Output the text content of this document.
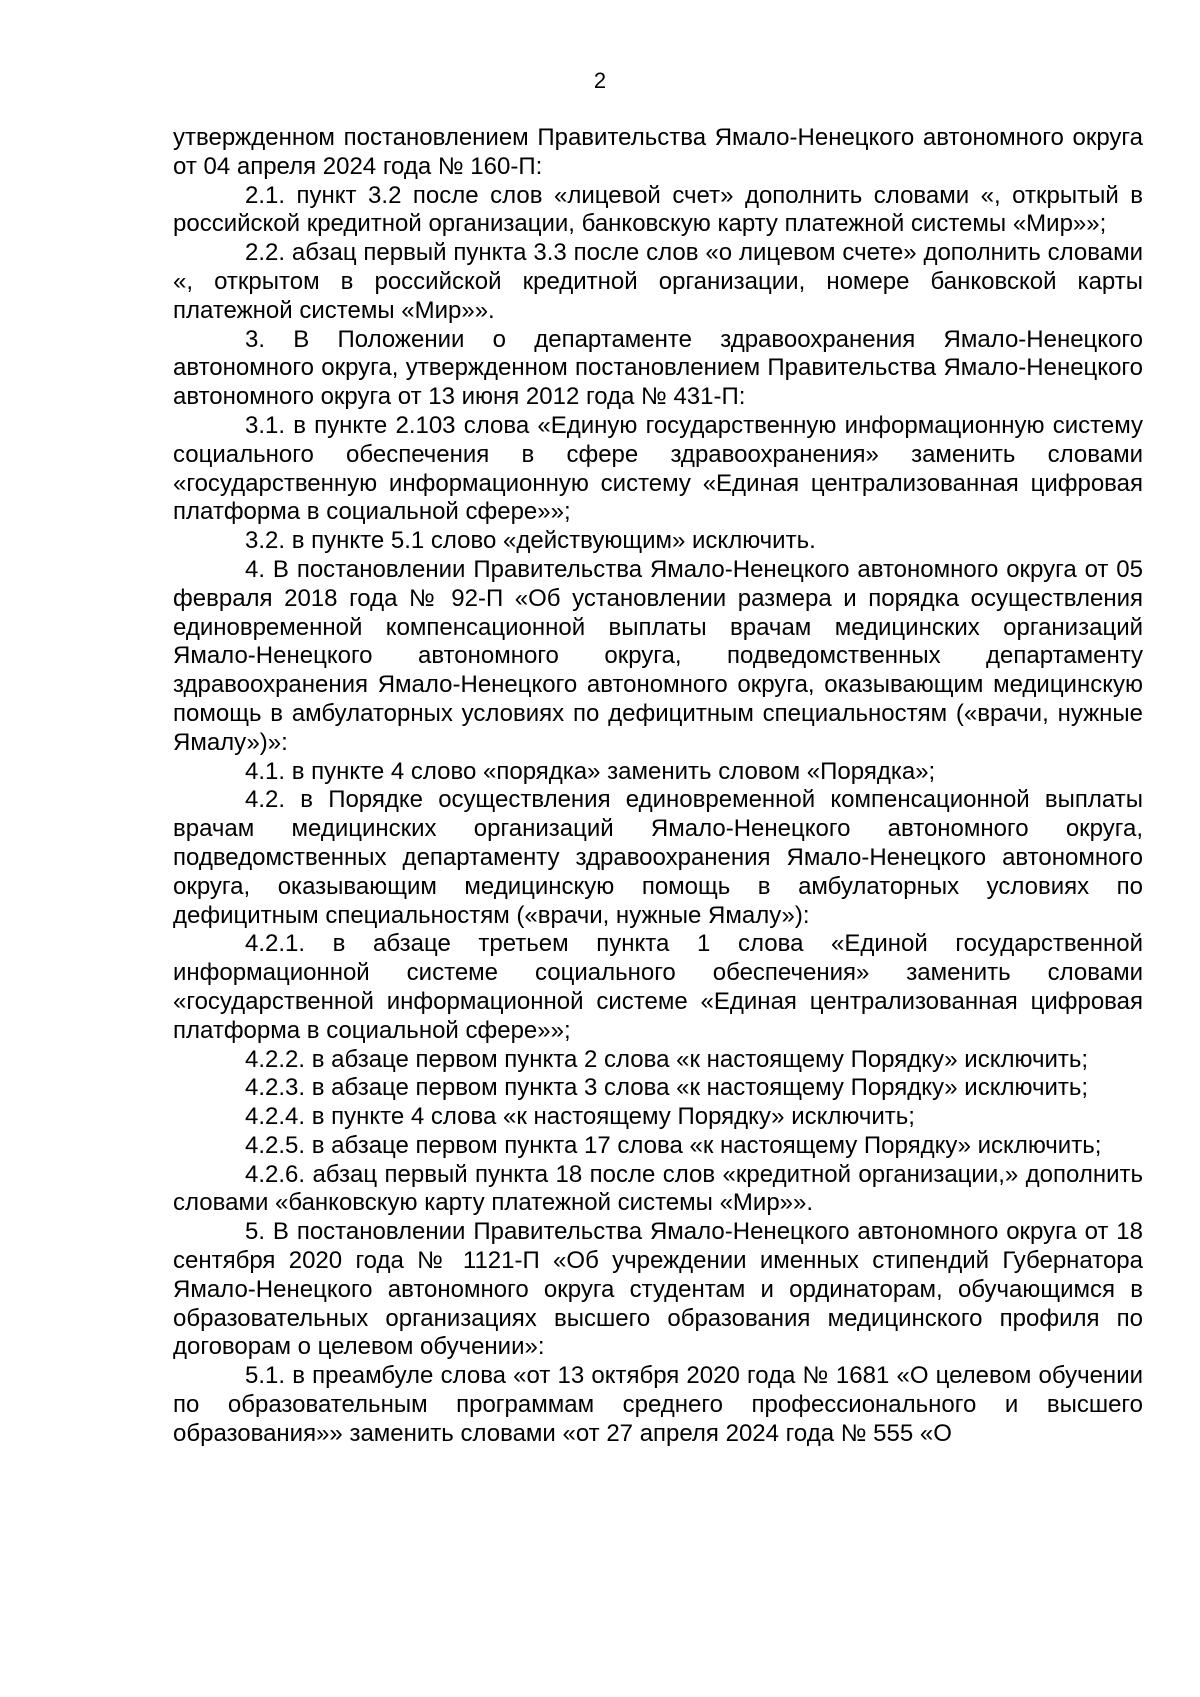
2

утвержденном постановлением Правительства Ямало-Ненецкого автономного округа от 04 апреля 2024 года № 160-П:

2.1. пункт 3.2 после слов «лицевой счет» дополнить словами «, открытый в российской кредитной организации, банковскую карту платежной системы «Мир»»;

2.2. абзац первый пункта 3.3 после слов «о лицевом счете» дополнить словами «, открытом в российской кредитной организации, номере банковской карты платежной системы «Мир»».

3. В Положении о департаменте здравоохранения Ямало-Ненецкого автономного округа, утвержденном постановлением Правительства Ямало-Ненецкого автономного округа от 13 июня 2012 года № 431-П:

3.1. в пункте 2.103 слова «Единую государственную информационную систему социального обеспечения в сфере здравоохранения» заменить словами «государственную информационную систему «Единая централизованная цифровая платформа в социальной сфере»»;

3.2. в пункте 5.1 слово «действующим» исключить.

4. В постановлении Правительства Ямало-Ненецкого автономного округа от 05 февраля 2018 года № 92-П «Об установлении размера и порядка осуществления единовременной компенсационной выплаты врачам медицинских организаций Ямало-Ненецкого автономного округа, подведомственных департаменту здравоохранения Ямало-Ненецкого автономного округа, оказывающим медицинскую помощь в амбулаторных условиях по дефицитным специальностям («врачи, нужные Ямалу»)»:

4.1. в пункте 4 слово «порядка» заменить словом «Порядка»;

4.2. в Порядке осуществления единовременной компенсационной выплаты врачам медицинских организаций Ямало-Ненецкого автономного округа, подведомственных департаменту здравоохранения Ямало-Ненецкого автономного округа, оказывающим медицинскую помощь в амбулаторных условиях по дефицитным специальностям («врачи, нужные Ямалу»):

4.2.1. в абзаце третьем пункта 1 слова «Единой государственной информационной системе социального обеспечения» заменить словами «государственной информационной системе «Единая централизованная цифровая платформа в социальной сфере»»;

4.2.2. в абзаце первом пункта 2 слова «к настоящему Порядку» исключить;

4.2.3. в абзаце первом пункта 3 слова «к настоящему Порядку» исключить;

4.2.4. в пункте 4 слова «к настоящему Порядку» исключить;

4.2.5. в абзаце первом пункта 17 слова «к настоящему Порядку» исключить;

4.2.6. абзац первый пункта 18 после слов «кредитной организации,» дополнить словами «банковскую карту платежной системы «Мир»».

5. В постановлении Правительства Ямало-Ненецкого автономного округа от 18 сентября 2020 года № 1121-П «Об учреждении именных стипендий Губернатора Ямало-Ненецкого автономного округа студентам и ординаторам, обучающимся в образовательных организациях высшего образования медицинского профиля по договорам о целевом обучении»:

5.1. в преамбуле слова «от 13 октября 2020 года № 1681 «О целевом обучении по образовательным программам среднего профессионального и высшего образования»» заменить словами «от 27 апреля 2024 года № 555 «О
